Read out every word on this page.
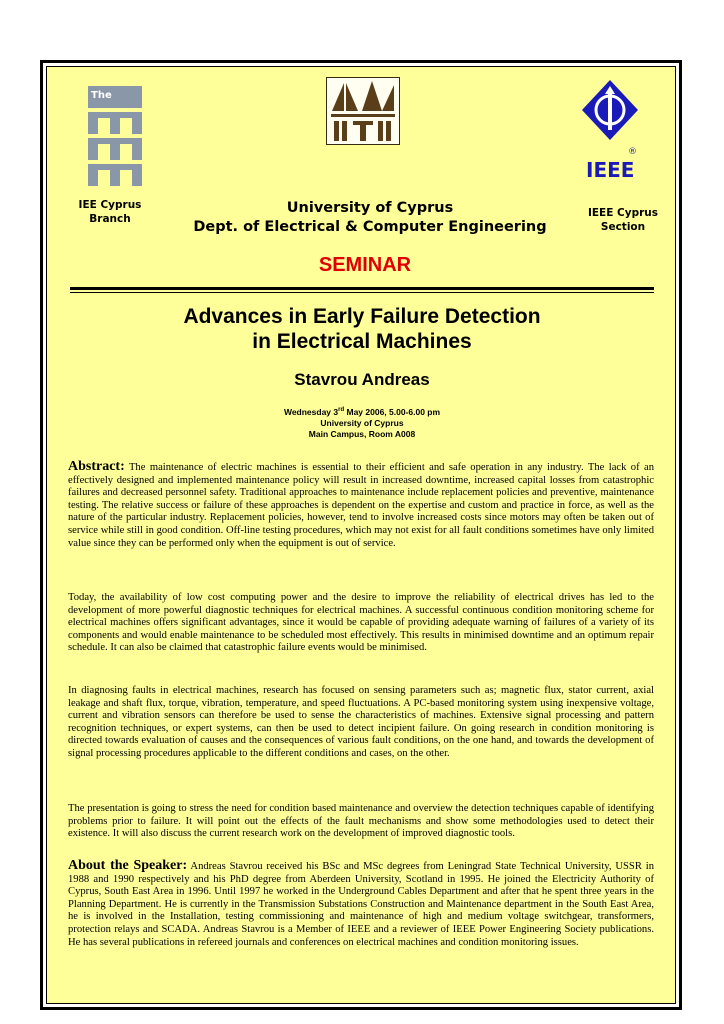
The
®
IEEE
IEE Cyprus
Branch	IEEE Cyprus
Section
University of Cyprus
Dept. of Electrical & Computer Engineering
SEMINAR
Advances in Early Failure Detection
in Electrical Machines
Stavrou Andreas
Wednesday 3rd May 2006, 5.00-6.00 pm
University of Cyprus
Main Campus, Room A008

Abstract: The maintenance of electric machines is essential to their efficient and safe operation in any industry. The lack of an effectively designed and implemented maintenance policy will result in increased downtime, increased capital losses from catastrophic failures and decreased personnel safety. Traditional approaches to maintenance include replacement policies and preventive, maintenance testing. The relative success or failure of these approaches is dependent on the expertise and custom and practice in force, as well as the nature of the particular industry. Replacement policies, however, tend to involve increased costs since motors may often be taken out of service while still in good condition. Off-line testing procedures, which may not exist for all fault conditions sometimes have only limited value since they can be performed only when the equipment is out of service.

Today, the availability of low cost computing power and the desire to improve the reliability of electrical drives has led to the development of more powerful diagnostic techniques for electrical machines. A successful continuous condition monitoring scheme for electrical machines offers significant advantages, since it would be capable of providing adequate warning of failures of a variety of its components and would enable maintenance to be scheduled most effectively. This results in minimised downtime and an optimum repair schedule. It can also be claimed that catastrophic failure events would be minimised.

In diagnosing faults in electrical machines, research has focused on sensing parameters such as; magnetic flux, stator current, axial leakage and shaft flux, torque, vibration, temperature, and speed fluctuations. A PC-based monitoring system using inexpensive voltage, current and vibration sensors can therefore be used to sense the characteristics of machines. Extensive signal processing and pattern recognition techniques, or expert systems, can then be used to detect incipient failure. On going research in condition monitoring is directed towards evaluation of causes and the consequences of various fault conditions, on the one hand, and towards the development of signal processing procedures applicable to the different conditions and cases, on the other.

The presentation is going to stress the need for condition based maintenance and overview the detection techniques capable of identifying problems prior to failure. It will point out the effects of the fault mechanisms and show some methodologies used to detect their existence. It will also discuss the current research work on the development of improved diagnostic tools.

About the Speaker: Andreas Stavrou received his BSc and MSc degrees from Leningrad State Technical University, USSR in 1988 and 1990 respectively and his PhD degree from Aberdeen University, Scotland in 1995. He joined the Electricity Authority of Cyprus, South East Area in 1996. Until 1997 he worked in the Underground Cables Department and after that he spent three years in the Planning Department. He is currently in the Transmission Substations Construction and Maintenance department in the South East Area, he is involved in the Installation, testing commissioning and maintenance of high and medium voltage switchgear, transformers, protection relays and SCADA. Andreas Stavrou is a Member of IEEE and a reviewer of IEEE Power Engineering Society publications. He has several publications in refereed journals and conferences on electrical machines and condition monitoring issues.
